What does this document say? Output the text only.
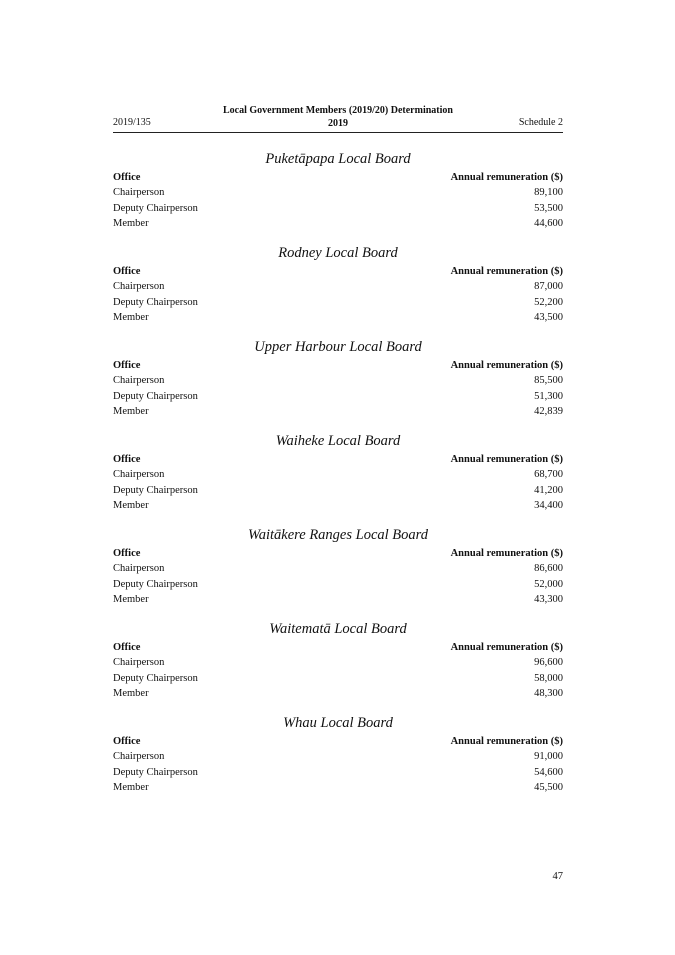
2019/135
Local Government Members (2019/20) Determination
2019	Schedule 2
Puketāpapa Local Board
Office	Annual remuneration ($)
Chairperson	89,100
Deputy Chairperson	53,500
Member	44,600
Rodney Local Board
Office	Annual remuneration ($)
Chairperson	87,000
Deputy Chairperson	52,200
Member	43,500
Upper Harbour Local Board
Office	Annual remuneration ($)
Chairperson	85,500
Deputy Chairperson	51,300
Member	42,839
Waiheke Local Board
Office	Annual remuneration ($)
Chairperson	68,700
Deputy Chairperson	41,200
Member	34,400
Waitākere Ranges Local Board
Office	Annual remuneration ($)
Chairperson	86,600
Deputy Chairperson	52,000
Member	43,300
Waitematā Local Board
Office	Annual remuneration ($)
Chairperson	96,600
Deputy Chairperson	58,000
Member	48,300
Whau Local Board
Office	Annual remuneration ($)
Chairperson	91,000
Deputy Chairperson	54,600
Member	45,500
47
